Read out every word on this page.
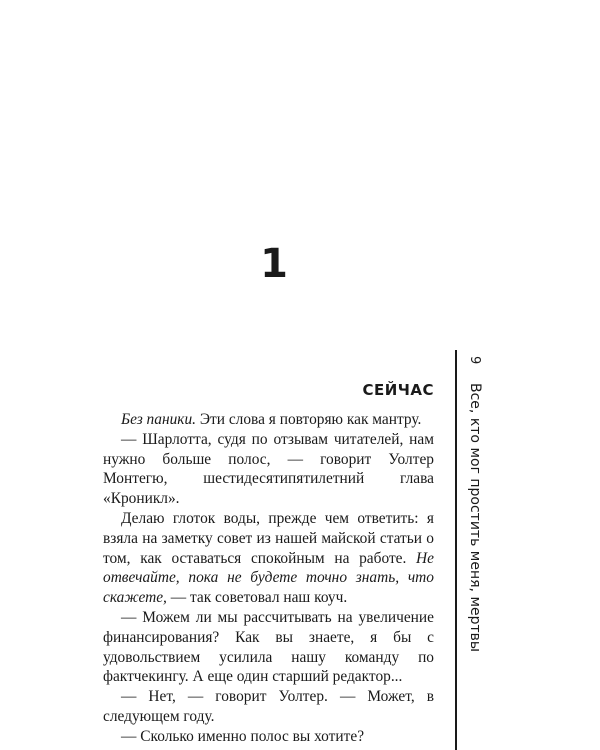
1
СЕЙЧАС

Без паники. Эти слова я повторяю как мантру.

— Шарлотта, судя по отзывам читателей, нам нужно больше полос, — говорит Уолтер Монтегю, шестидесятипятилетний глава «Кроникл».

Делаю глоток воды, прежде чем ответить: я взяла на заметку совет из нашей майской статьи о том, как оставаться спокойным на работе. Не отвечайте, пока не будете точно знать, что скажете, — так советовал наш коуч.

— Можем ли мы рассчитывать на увеличение финансирования? Как вы знаете, я бы с удовольствием усилила нашу команду по фактчекингу. А еще один старший редактор...

— Нет, — говорит Уолтер. — Может, в следующем году.

— Сколько именно полос вы хотите?

9
Все, кто мог простить меня, мертвы
